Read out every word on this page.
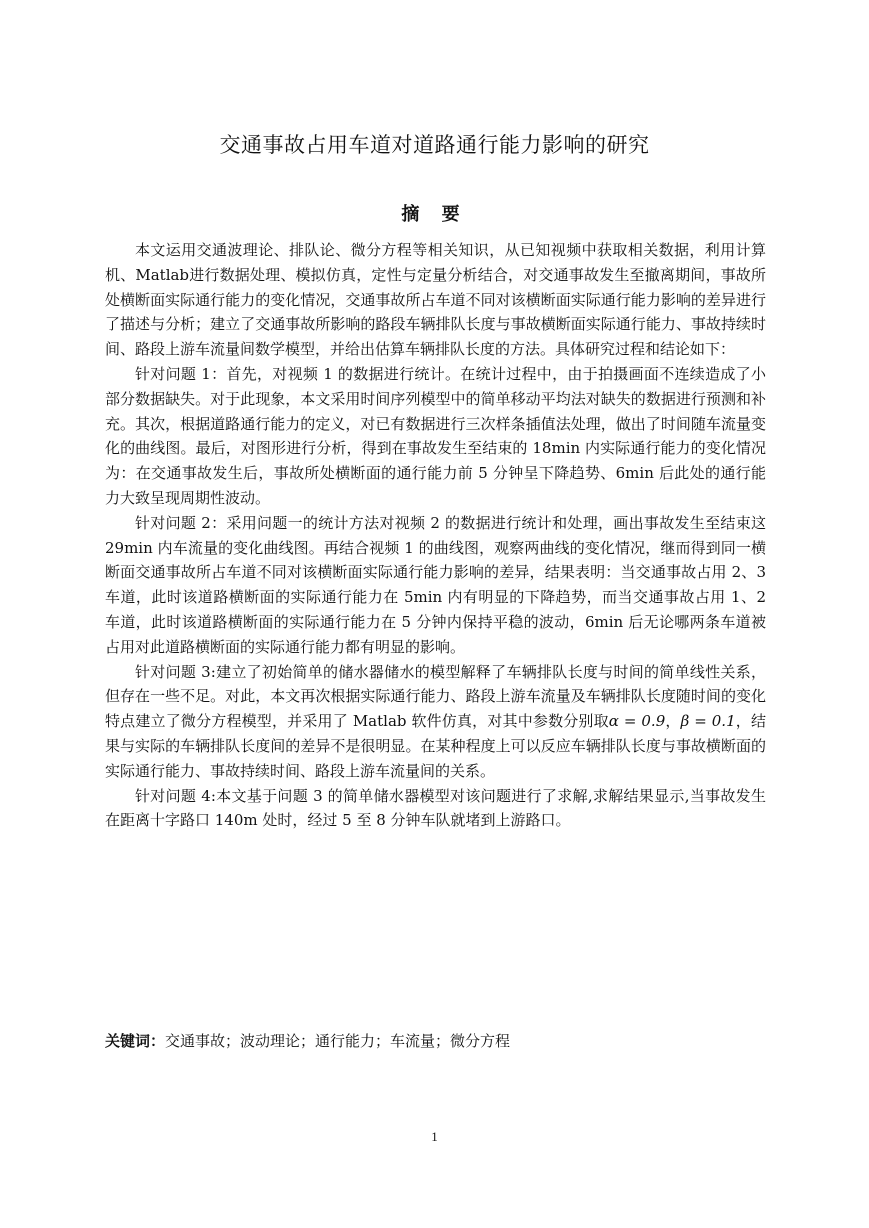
交通事故占用车道对道路通行能力影响的研究
摘 要

本文运用交通波理论、排队论、微分方程等相关知识，从已知视频中获取相关数据，利用计算机、Matlab进行数据处理、模拟仿真，定性与定量分析结合，对交通事故发生至撤离期间，事故所处横断面实际通行能力的变化情况，交通事故所占车道不同对该横断面实际通行能力影响的差异进行了描述与分析；建立了交通事故所影响的路段车辆排队长度与事故横断面实际通行能力、事故持续时间、路段上游车流量间数学模型，并给出估算车辆排队长度的方法。具体研究过程和结论如下：

针对问题 1：首先，对视频 1 的数据进行统计。在统计过程中，由于拍摄画面不连续造成了小部分数据缺失。对于此现象，本文采用时间序列模型中的简单移动平均法对缺失的数据进行预测和补充。其次，根据道路通行能力的定义，对已有数据进行三次样条插值法处理，做出了时间随车流量变化的曲线图。最后，对图形进行分析，得到在事故发生至结束的 18min 内实际通行能力的变化情况为：在交通事故发生后，事故所处横断面的通行能力前 5 分钟呈下降趋势、6min 后此处的通行能力大致呈现周期性波动。

针对问题 2：采用问题一的统计方法对视频 2 的数据进行统计和处理，画出事故发生至结束这 29min 内车流量的变化曲线图。再结合视频 1 的曲线图，观察两曲线的变化情况，继而得到同一横断面交通事故所占车道不同对该横断面实际通行能力影响的差异，结果表明：当交通事故占用 2、3 车道，此时该道路横断面的实际通行能力在 5min 内有明显的下降趋势，而当交通事故占用 1、2 车道，此时该道路横断面的实际通行能力在 5 分钟内保持平稳的波动，6min 后无论哪两条车道被占用对此道路横断面的实际通行能力都有明显的影响。

针对问题 3:建立了初始简单的储水器储水的模型解释了车辆排队长度与时间的简单线性关系，但存在一些不足。对此，本文再次根据实际通行能力、路段上游车流量及车辆排队长度随时间的变化特点建立了微分方程模型，并采用了 Matlab 软件仿真，对其中参数分别取α = 0.9，β = 0.1，结果与实际的车辆排队长度间的差异不是很明显。在某种程度上可以反应车辆排队长度与事故横断面的实际通行能力、事故持续时间、路段上游车流量间的关系。

针对问题 4:本文基于问题 3 的简单储水器模型对该问题进行了求解,求解结果显示,当事故发生在距离十字路口 140m 处时，经过 5 至 8 分钟车队就堵到上游路口。

关键词：交通事故；波动理论；通行能力；车流量；微分方程
1
